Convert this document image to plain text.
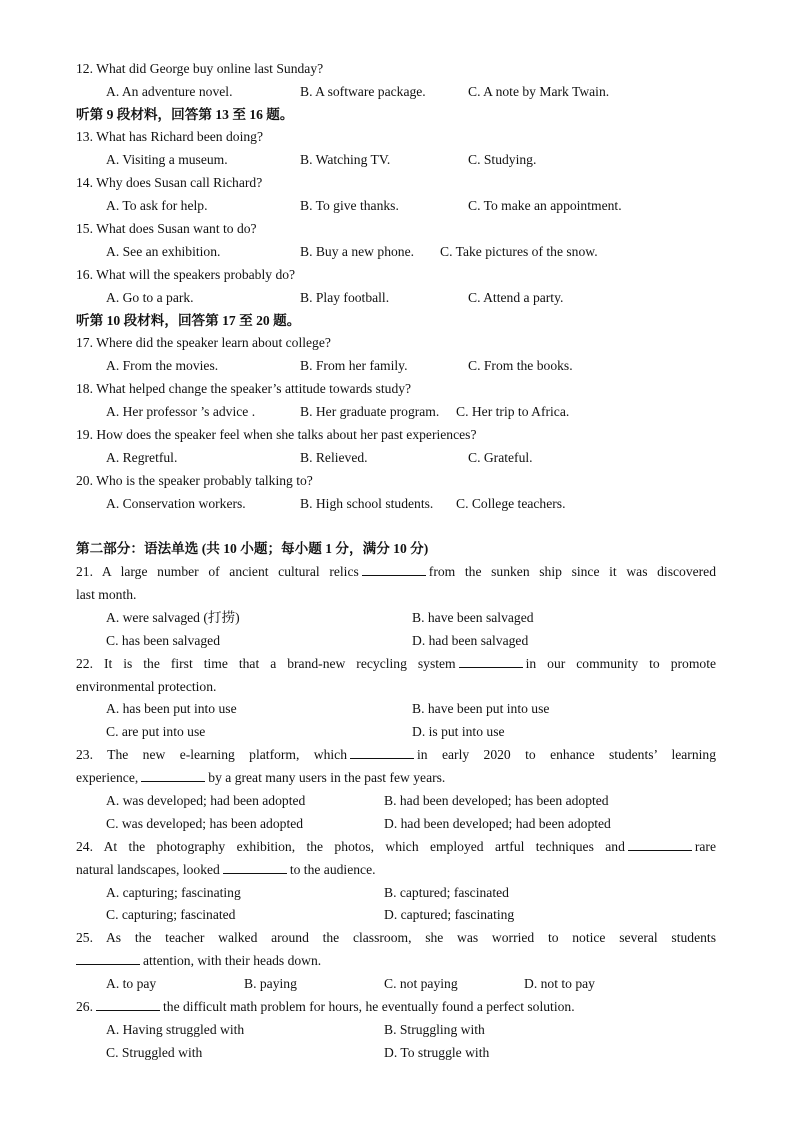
12. What did George buy online last Sunday?
A. An adventure novel.	B. A software package.	C. A note by Mark Twain.
听第 9 段材料，回答第 13 至 16 题。
13. What has Richard been doing?
A. Visiting a museum.	B. Watching TV.	C. Studying.
14. Why does Susan call Richard?
A. To ask for help.	B. To give thanks.	C. To make an appointment.
15. What does Susan want to do?
A. See an exhibition.	B. Buy a new phone. C. Take pictures of the snow.
16. What will the speakers probably do?
A. Go to a park.	B. Play football.	C. Attend a party.
听第 10 段材料，回答第 17 至 20 题。
17. Where did the speaker learn about college?
A. From the movies.	B. From her family.	C. From the books.
18. What helped change the speaker’s attitude towards study?
A. Her professor ’s advice .	B. Her graduate program. C. Her trip to Africa.
19. How does the speaker feel when she talks about her past experiences?
A. Regretful.	B. Relieved.	C. Grateful.
20. Who is the speaker probably talking to?
A. Conservation workers.	B. High school students. C. College teachers.
第二部分：语法单选 (共 10 小题；每小题 1 分，满分 10 分)
21. A large number of ancient cultural relics	from the sunken ship since it was discovered
last month.
A. were salvaged (打捞)	B. have been salvaged
C. has been salvaged	D. had been salvaged
22. It is the first time that a brand-new recycling system	in our community to promote
environmental protection.
A. has been put into use	B. have been put into use
C. are put into use	D. is put into use
23. The new e-learning platform, which	in early 2020 to enhance students’ learning
experience,	by a great many users in the past few years.
A. was developed; had been adopted	B. had been developed; has been adopted
C. was developed; has been adopted	D. had been developed; had been adopted
24. At the photography exhibition, the photos, which employed artful techniques and	rare
natural landscapes, looked	to the audience.
A. capturing; fascinating	B. captured; fascinated
C. capturing; fascinated	D. captured; fascinating
25. As the teacher walked around the classroom, she was worried to notice several students
attention, with their heads down.
A. to pay	B. paying	C. not paying	D. not to pay
26.	the difficult math problem for hours, he eventually found a perfect solution.
A. Having struggled with	B. Struggling with
C. Struggled with	D. To struggle with
